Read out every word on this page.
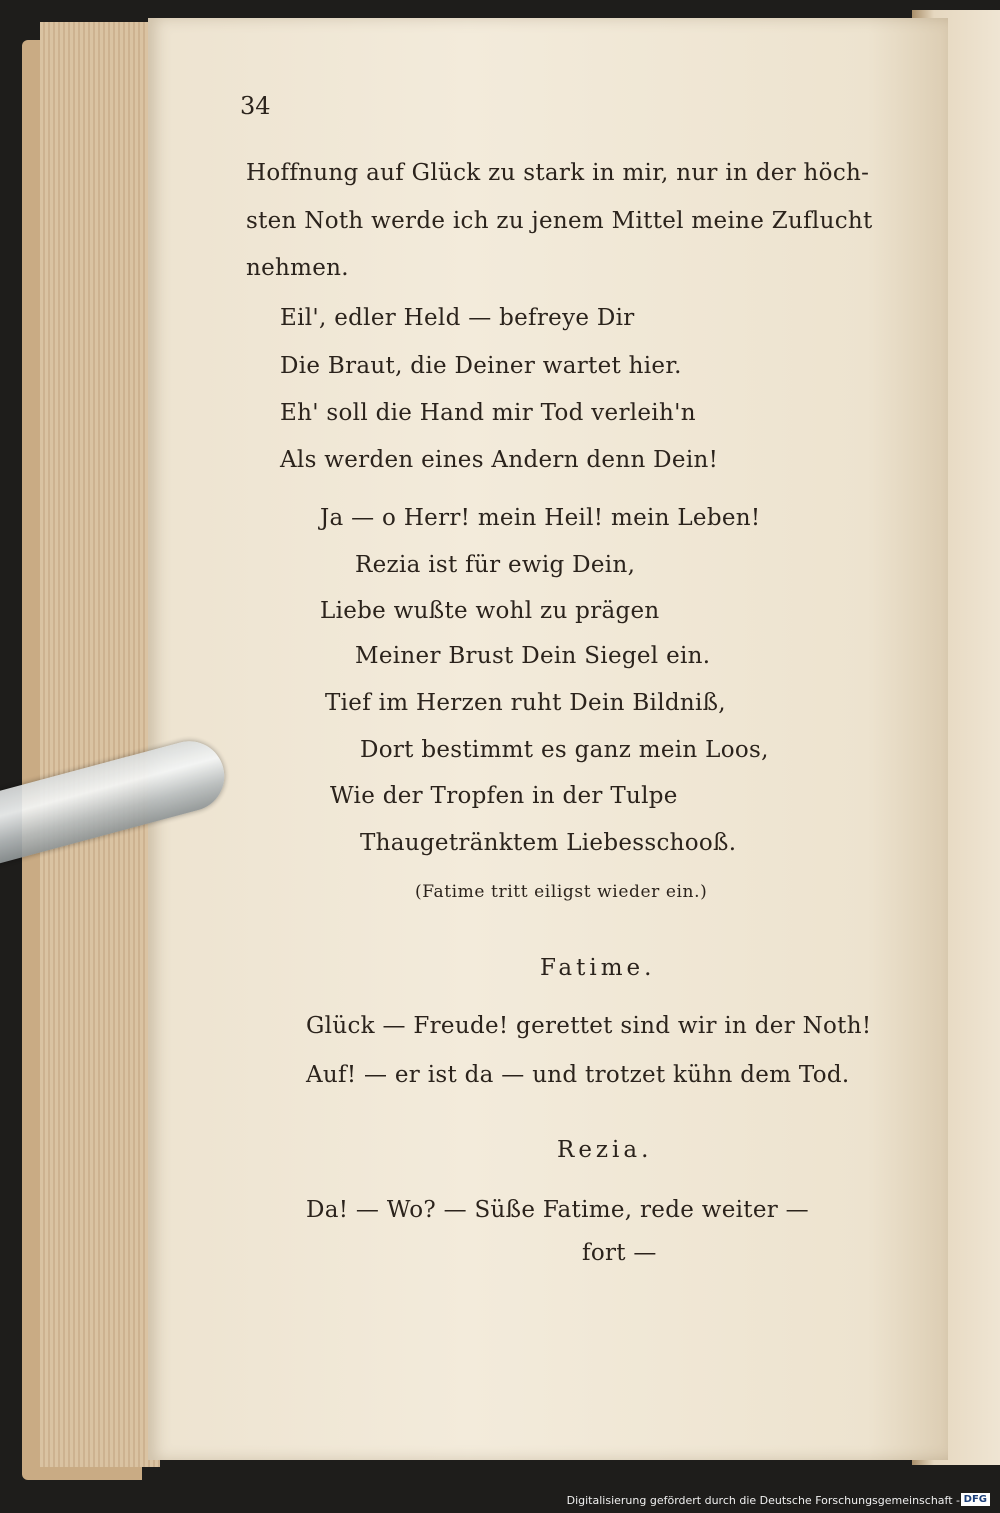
34
Hoffnung auf Glück zu stark in mir, nur in der höch-
sten Noth werde ich zu jenem Mittel meine Zuflucht
nehmen.
Eil', edler Held — befreye Dir
Die Braut, die Deiner wartet hier.
Eh' soll die Hand mir Tod verleih'n
Als werden eines Andern denn Dein!
Ja — o Herr! mein Heil! mein Leben!
Rezia ist für ewig Dein,
Liebe wußte wohl zu prägen
Meiner Brust Dein Siegel ein.
Tief im Herzen ruht Dein Bildniß,
Dort bestimmt es ganz mein Loos,
Wie der Tropfen in der Tulpe
Thaugetränktem Liebesschooß.
(Fatime tritt eiligst wieder ein.)
Fatime.
Glück — Freude! gerettet sind wir in der Noth!
Auf! — er ist da — und trotzet kühn dem Tod.
Rezia.
Da! — Wo? — Süße Fatime, rede weiter —
fort —
Digitalisierung gefördert durch die Deutsche Forschungsgemeinschaft - DFG
